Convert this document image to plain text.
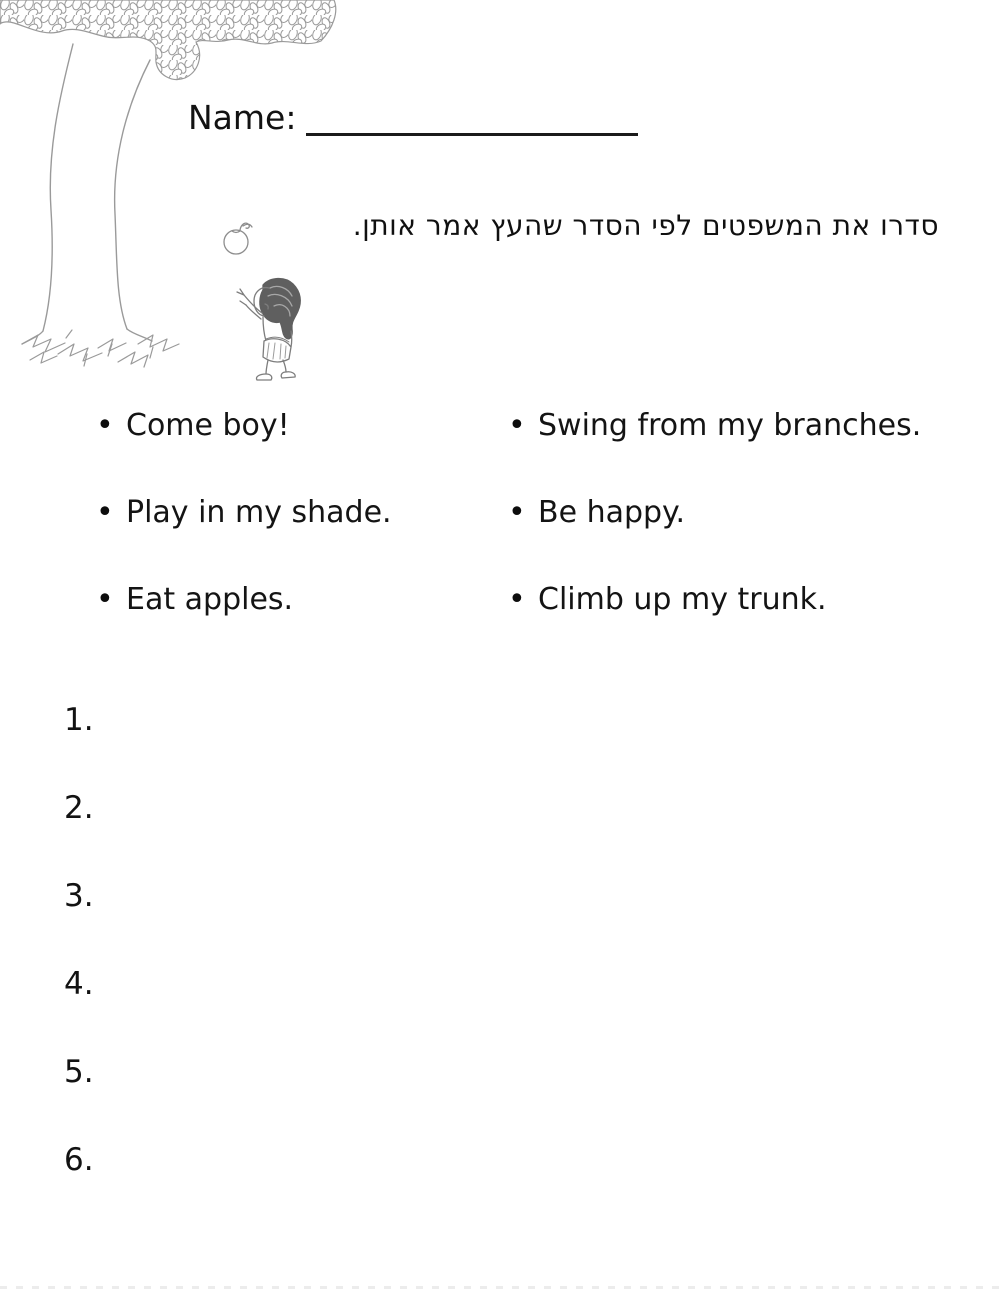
Name:
סדרו את המשפטים לפי הסדר שהעץ אמר אותן.
• Come boy!
• Play in my shade.
• Eat apples.
• Swing from my branches.
• Be happy.
• Climb up my trunk.
1.
2.
3.
4.
5.
6.
